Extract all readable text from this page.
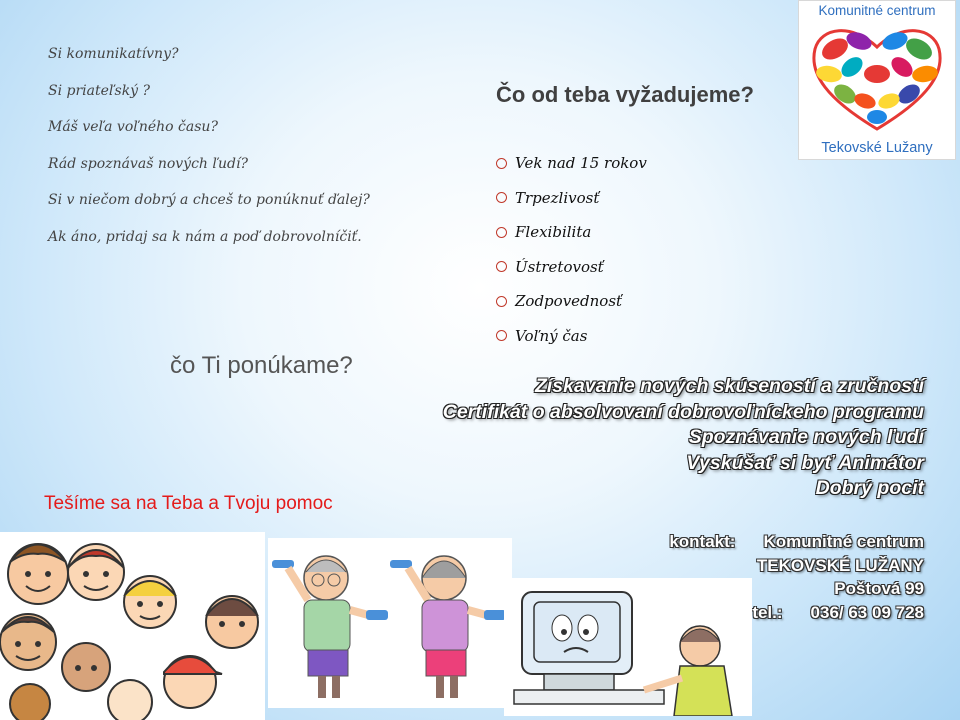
Si komunikatívny?
Si priateľský ?
Máš veľa voľného času?
Rád spoznávaš nových ľudí?
Si v niečom dobrý a chceš to ponúknuť ďalej?
Ak áno, pridaj sa k nám a poď dobrovolníčiť.
Čo od teba vyžadujeme?
Vek nad 15 rokov
Trpezlivosť
Flexibilita
Ústretovosť
Zodpovednosť
Voľný čas
Komunitné centrum
Tekovské Lužany
čo Ti ponúkame?
Získavanie nových skúseností a zručností
Certifikát o absolvovaní dobrovoľníckeho programu
Spoznávanie nových ľudí
Vyskúšať si byť Animátor
Dobrý pocit
Tešíme sa na Teba a Tvoju pomoc
kontakt: Komunitné centrum
TEKOVSKÉ LUŽANY
Poštová 99
tel.: 036/ 63 09 728
